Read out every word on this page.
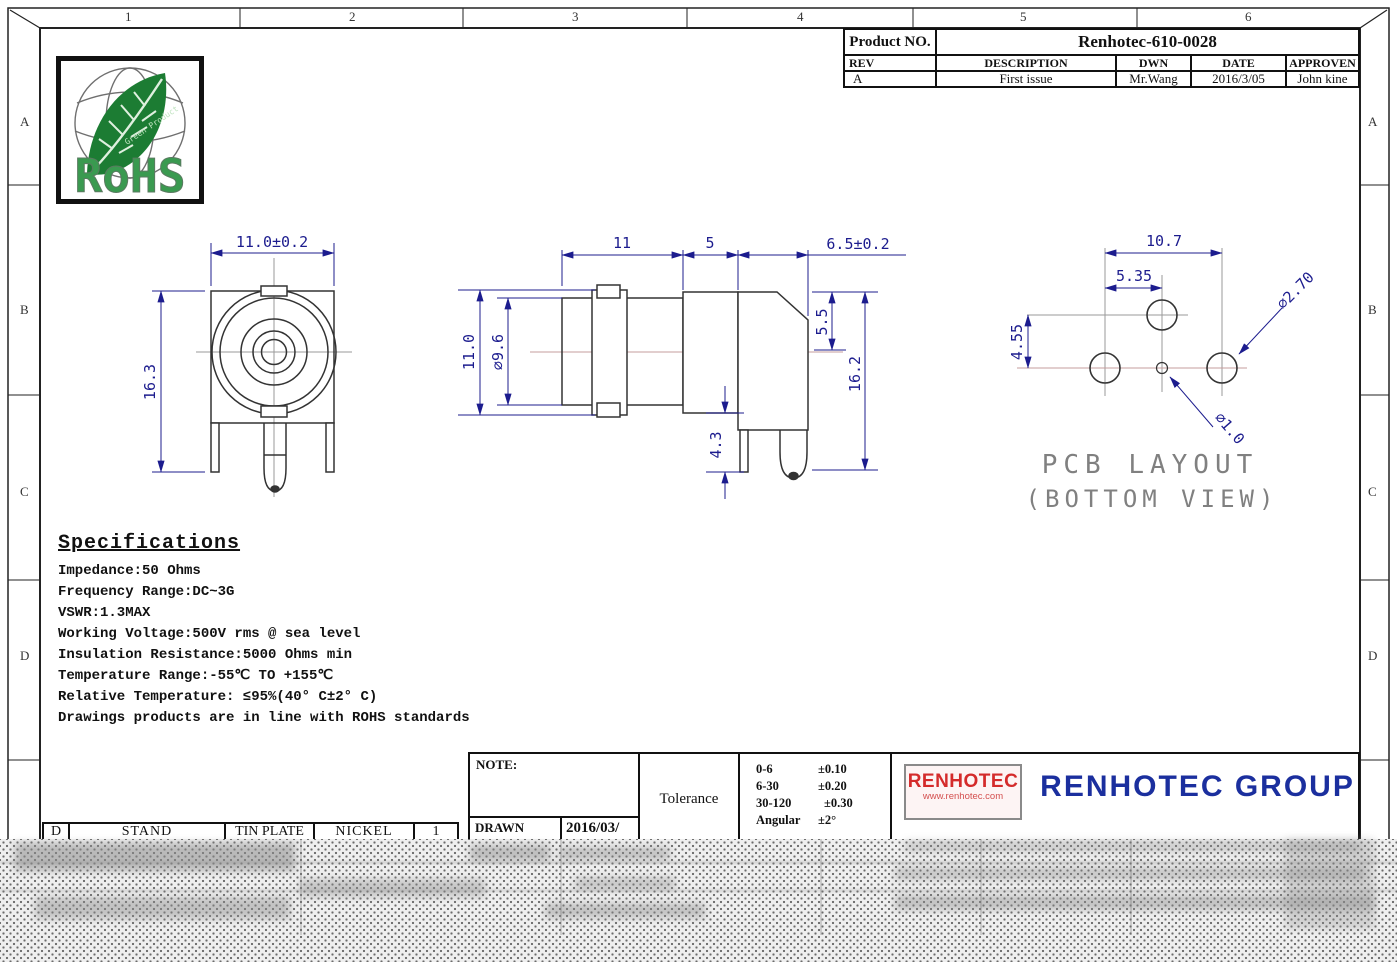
11.0±0.2
16.3
11	5	6.5±0.2
11.0 ⌀9.6
5.5
16.2
4.3
10.7
5.35
4.55
⌀2.70
⌀1.0
PCB LAYOUT
(BOTTOM VIEW)
1	2	3	4	5	6
A
B
C
D
A
B
C
D
Green Product
RoHS
Product NO.	Renhotec-610-0028
REV	DESCRIPTION	DWN	DATE	APPROVEN
A	First issue	Mr.Wang	2016/3/05	John kine
Specifications
Impedance:50 Ohms
Frequency Range:DC~3G
VSWR:1.3MAX
Working Voltage:500V rms @ sea level
Insulation Resistance:5000 Ohms min
Temperature Range:-55℃ TO +155℃
Relative Temperature: ≤95%(40° C±2° C)
Drawings products are in line with ROHS standards
D	STAND	TIN PLATE	NICKEL	1
NOTE:
DRAWN	2016/03/
Tolerance
0-6	±0.10
6-30	±0.20
30-120	±0.30
Angular ±2°
RENHOTEC
www.renhotec.com	RENHOTEC GROUP
